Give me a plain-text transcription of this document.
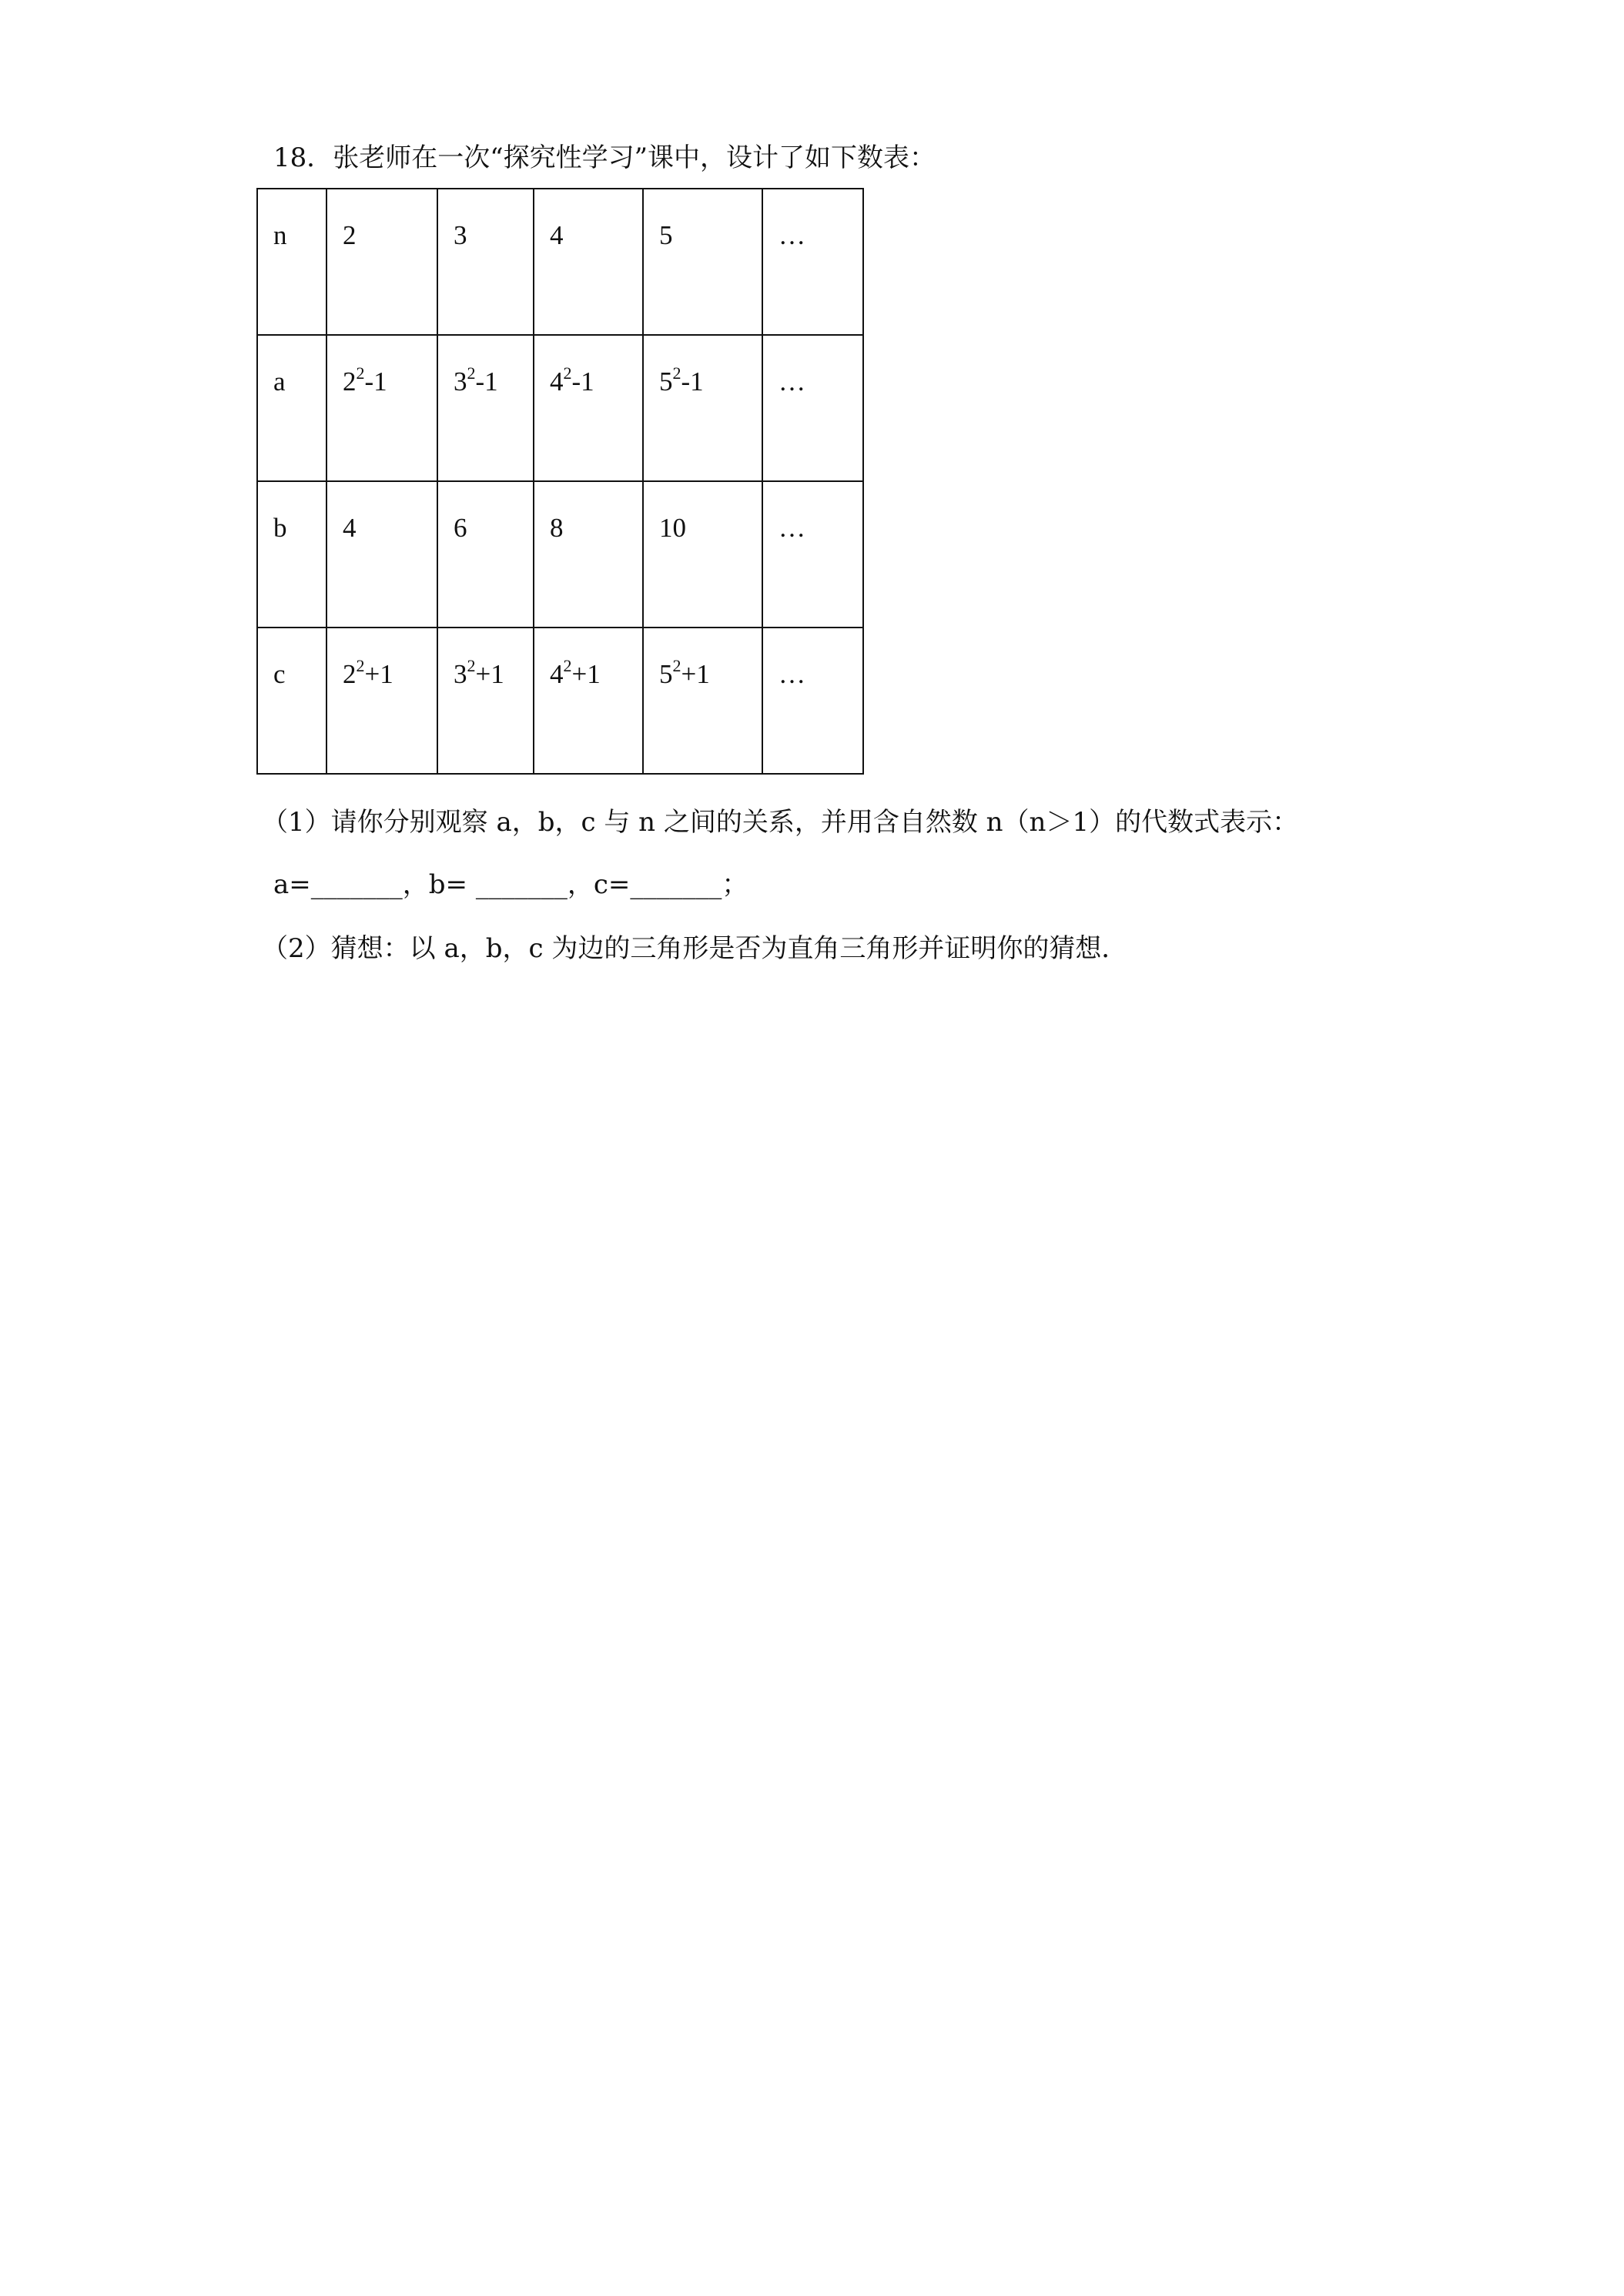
18．张老师在一次“探究性学习”课中，设计了如下数表：
n	2	3	4	5	…
a	$2^2-1$	$3^2-1$	$4^2-1$	$5^2-1$	…
b	4	6	8	10	…
c	$2^2+1$	$3^2+1$	$4^2+1$	$5^2+1$	…
（1）请你分别观察 a，b，c 与 n 之间的关系，并用含自然数 n（n＞1）的代数式表示：
a=_______，b= _______，c=_______；
（2）猜想：以 a，b，c 为边的三角形是否为直角三角形并证明你的猜想．
